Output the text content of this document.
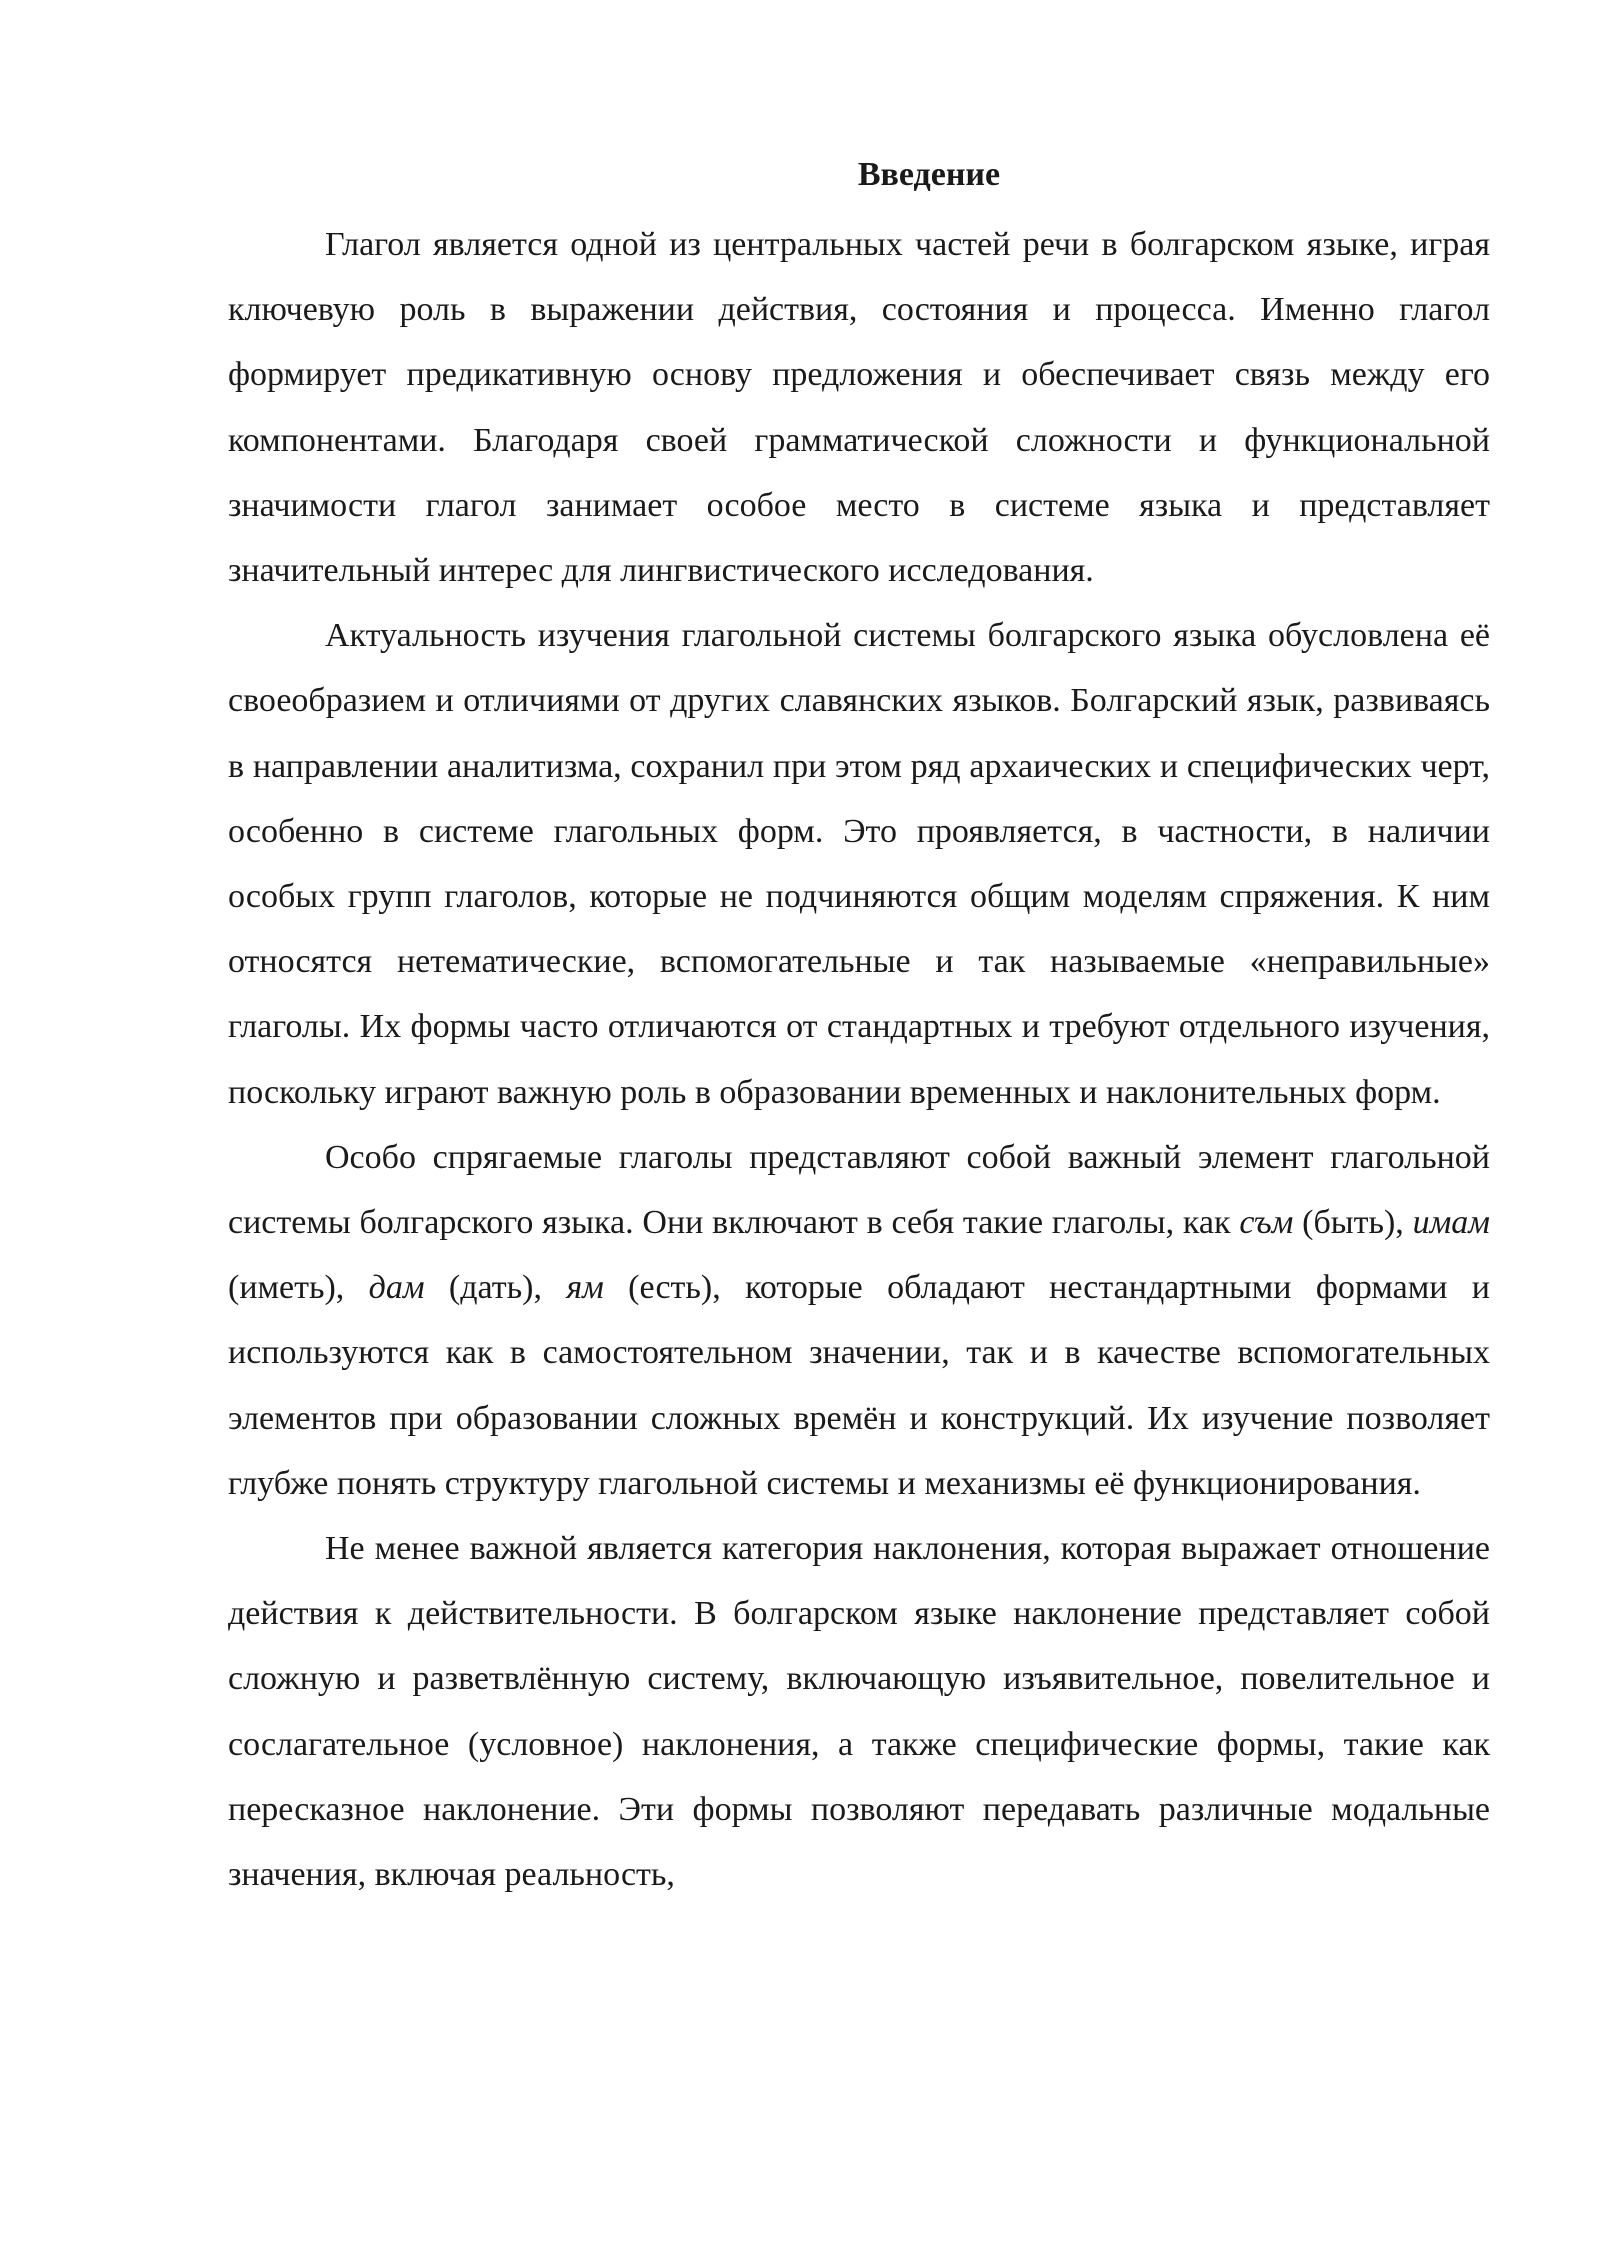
Введение

Глагол является одной из центральных частей речи в болгарском языке, играя ключевую роль в выражении действия, состояния и процесса. Именно глагол формирует предикативную основу предложения и обеспечивает связь между его компонентами. Благодаря своей грамматической сложности и функциональной значимости глагол занимает особое место в системе языка и представляет значительный интерес для лингвистического исследования.

Актуальность изучения глагольной системы болгарского языка обусловлена её своеобразием и отличиями от других славянских языков. Болгарский язык, развиваясь в направлении аналитизма, сохранил при этом ряд архаических и специфических черт, особенно в системе глагольных форм. Это проявляется, в частности, в наличии особых групп глаголов, которые не подчиняются общим моделям спряжения. К ним относятся нетематические, вспомогательные и так называемые «неправильные» глаголы. Их формы часто отличаются от стандартных и требуют отдельного изучения, поскольку играют важную роль в образовании временных и наклонительных форм.

Особо спрягаемые глаголы представляют собой важный элемент глагольной системы болгарского языка. Они включают в себя такие глаголы, как съм (быть), имам (иметь), дам (дать), ям (есть), которые обладают нестандартными формами и используются как в самостоятельном значении, так и в качестве вспомогательных элементов при образовании сложных времён и конструкций. Их изучение позволяет глубже понять структуру глагольной системы и механизмы её функционирования.

Не менее важной является категория наклонения, которая выражает отношение действия к действительности. В болгарском языке наклонение представляет собой сложную и разветвлённую систему, включающую изъявительное, повелительное и сослагательное (условное) наклонения, а также специфические формы, такие как пересказное наклонение. Эти формы позволяют передавать различные модальные значения, включая реальность,
